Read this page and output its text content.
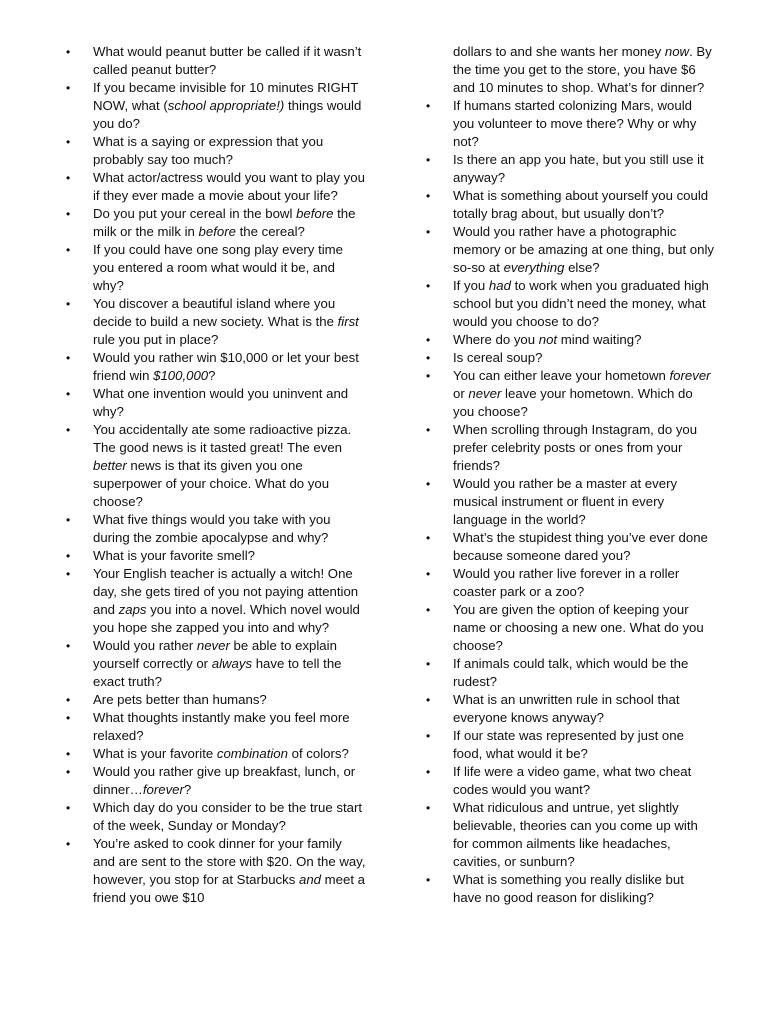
• What would peanut butter be called if it wasn’t called peanut butter?
• If you became invisible for 10 minutes RIGHT NOW, what (school appropriate!) things would you do?
• What is a saying or expression that you probably say too much?
• What actor/actress would you want to play you if they ever made a movie about your life?
• Do you put your cereal in the bowl before the milk or the milk in before the cereal?
• If you could have one song play every time you entered a room what would it be, and why?
• You discover a beautiful island where you decide to build a new society. What is the first rule you put in place?
• Would you rather win $10,000 or let your best friend win $100,000?
• What one invention would you uninvent and why?
• You accidentally ate some radioactive pizza. The good news is it tasted great! The even better news is that its given you one superpower of your choice. What do you choose?
• What five things would you take with you during the zombie apocalypse and why?
• What is your favorite smell?
• Your English teacher is actually a witch! One day, she gets tired of you not paying attention and zaps you into a novel. Which novel would you hope she zapped you into and why?
• Would you rather never be able to explain yourself correctly or always have to tell the exact truth?
• Are pets better than humans?
• What thoughts instantly make you feel more relaxed?
• What is your favorite combination of colors?
• Would you rather give up breakfast, lunch, or dinner…forever?
• Which day do you consider to be the true start of the week, Sunday or Monday?
• You’re asked to cook dinner for your family and are sent to the store with $20. On the way, however, you stop for at Starbucks and meet a friend you owe $10
dollars to and she wants her money now. By the time you get to the store, you have $6 and 10 minutes to shop. What’s for dinner?
• If humans started colonizing Mars, would you volunteer to move there? Why or why not?
• Is there an app you hate, but you still use it anyway?
• What is something about yourself you could totally brag about, but usually don’t?
• Would you rather have a photographic memory or be amazing at one thing, but only so-so at everything else?
• If you had to work when you graduated high school but you didn’t need the money, what would you choose to do?
• Where do you not mind waiting?
• Is cereal soup?
• You can either leave your hometown forever or never leave your hometown. Which do you choose?
• When scrolling through Instagram, do you prefer celebrity posts or ones from your friends?
• Would you rather be a master at every musical instrument or fluent in every language in the world?
• What’s the stupidest thing you’ve ever done because someone dared you?
• Would you rather live forever in a roller coaster park or a zoo?
• You are given the option of keeping your name or choosing a new one. What do you choose?
• If animals could talk, which would be the rudest?
• What is an unwritten rule in school that everyone knows anyway?
• If our state was represented by just one food, what would it be?
• If life were a video game, what two cheat codes would you want?
• What ridiculous and untrue, yet slightly believable, theories can you come up with for common ailments like headaches, cavities, or sunburn?
• What is something you really dislike but have no good reason for disliking?
